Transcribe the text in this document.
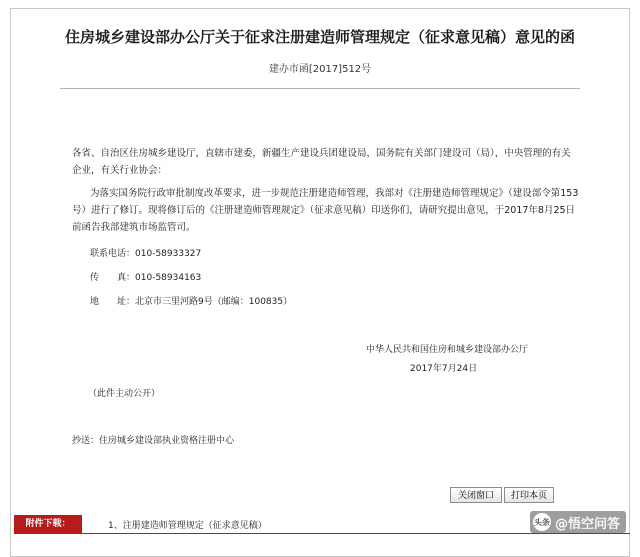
住房城乡建设部办公厅关于征求注册建造师管理规定（征求意见稿）意见的函
建办市函[2017]512号
各省、自治区住房城乡建设厅，直辖市建委，新疆生产建设兵团建设局，国务院有关部门建设司（局），中央管理的有关企业，有关行业协会：
为落实国务院行政审批制度改革要求，进一步规范注册建造师管理，我部对《注册建造师管理规定》（建设部令第153号）进行了修订。现将修订后的《注册建造师管理规定》（征求意见稿）印送你们，请研究提出意见，于2017年8月25日前函告我部建筑市场监管司。
联系电话：010-58933327
传　　真：010-58934163
地　　址：北京市三里河路9号（邮编：100835）
中华人民共和国住房和城乡建设部办公厅
2017年7月24日
（此件主动公开）
抄送：住房城乡建设部执业资格注册中心
关闭窗口	打印本页
附件下载：	1、注册建造师管理规定（征求意见稿）	头条 @悟空问答
